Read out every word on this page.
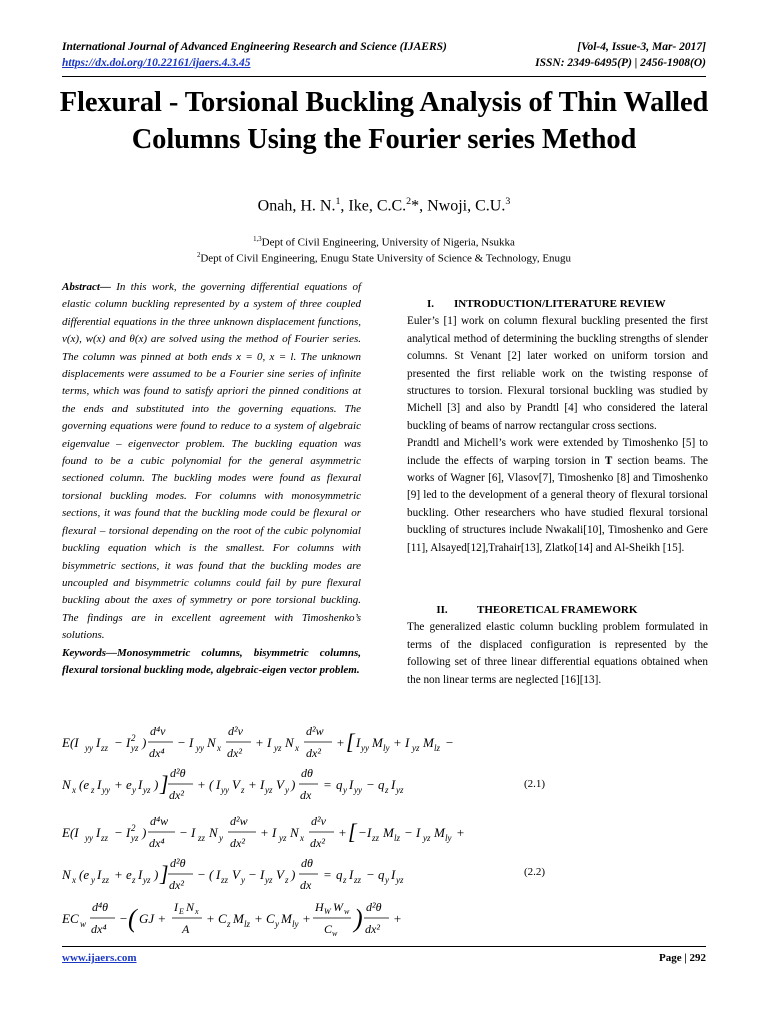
International Journal of Advanced Engineering Research and Science (IJAERS)	[Vol-4, Issue-3, Mar- 2017]
https://dx.doi.org/10.22161/ijaers.4.3.45	ISSN: 2349-6495(P) | 2456-1908(O)
Flexural - Torsional Buckling Analysis of Thin Walled Columns Using the Fourier series Method
Onah, H. N.$^1$, Ike, C.C.$^2$*, Nwoji, C.U.$^3$
$^{1,3}$Dept of Civil Engineering, University of Nigeria, Nsukka
$^2$Dept of Civil Engineering, Enugu State University of Science & Technology, Enugu
Abstract— In this work, the governing differential equations of elastic column buckling represented by a system of three coupled differential equations in the three unknown displacement functions, v(x), w(x) and θ(x) are solved using the method of Fourier series. The column was pinned at both ends x = 0, x = l. The unknown displacements were assumed to be a Fourier sine series of infinite terms, which was found to satisfy apriori the pinned conditions at the ends and substituted into the governing equations. The governing equations were found to reduce to a system of algebraic eigenvalue – eigenvector problem. The buckling equation was found to be a cubic polynomial for the general asymmetric sectioned column. The buckling modes were found as flexural torsional buckling modes. For columns with monosymmetric sections, it was found that the buckling mode could be flexural or flexural – torsional depending on the root of the cubic polynomial buckling equation which is the smallest. For columns with bisymmetric sections, it was found that the buckling modes are uncoupled and bisymmetric columns could fail by pure flexural buckling about the axes of symmetry or pore torsional buckling. The findings are in excellent agreement with Timoshenko’s solutions.
Keywords—Monosymmetric columns, bisymmetric columns, flexural torsional buckling mode, algebraic-eigen vector problem.
I.	INTRODUCTION/LITERATURE REVIEW
Euler’s [1] work on column flexural buckling presented the first analytical method of determining the buckling strengths of slender columns. St Venant [2] later worked on uniform torsion and presented the first reliable work on the twisting response of structures to torsion. Flexural torsional buckling was studied by Michell [3] and also by Prandtl [4] who considered the lateral buckling of beams of narrow rectangular cross sections.
Prandtl and Michell’s work were extended by Timoshenko [5] to include the effects of warping torsion in T section beams. The works of Wagner [6], Vlasov[7], Timoshenko [8] and Timoshenko [9] led to the development of a general theory of flexural torsional buckling. Other researchers who have studied flexural torsional buckling of structures include Nwakali[10], Timoshenko and Gere [11], Alsayed[12],Trahair[13], Zlatko[14] and Al-Sheikh [15].
II.	THEORETICAL FRAMEWORK
The generalized elastic column buckling problem formulated in terms of the displaced configuration is represented by the following set of three linear differential equations obtained when the non linear terms are neglected [16][13].
E(I yy I zz − I 2
yz )
d⁴v
dx⁴
− I yy N x
d²v
dx²
+ I yz N x
d²w
dx²
+ [ I yy M ly + I yz M lz −
N x (e z I yy + e y I yz ) ] d²θ
dx²
+ ( I yy V z + I yz V y )
dθ
dx
= q y I yy − q z I yz	(2.1)
E(I yy I zz − I 2
yz )
d⁴w
dx⁴
− I zz N y
d²w
dx²
+ I yz N x
d²v
dx²
+ [ − I zz M lz − I yz M ly +
N x (e y I zz + e z I yz ) ] d²θ
dx²
− ( I zz V y − I yz V z )
dθ
dx
= q z I zz − q y I yz
(2.2)
EC w
d⁴θ
dx⁴
− ( GJ +
I E N x
A
+ C z M lz + C y M ly +
H W W w
C w
) d²θ
dx²
+
www.ijaers.com	Page | 292
